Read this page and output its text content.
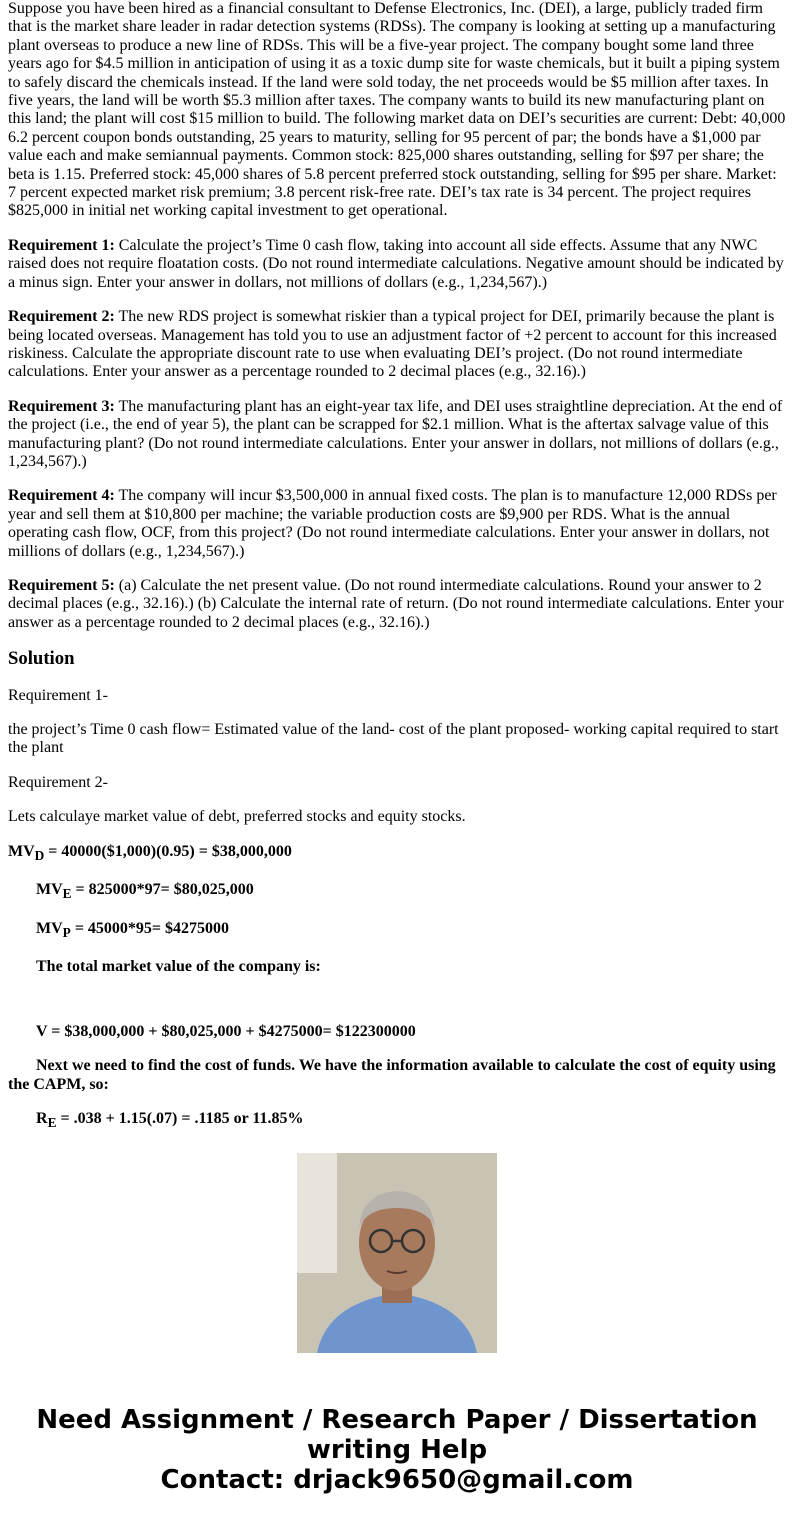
Suppose you have been hired as a financial consultant to Defense Electronics, Inc. (DEI), a large, publicly traded firm that is the market share leader in radar detection systems (RDSs). The company is looking at setting up a manufacturing plant overseas to produce a new line of RDSs. This will be a five-year project. The company bought some land three years ago for $4.5 million in anticipation of using it as a toxic dump site for waste chemicals, but it built a piping system to safely discard the chemicals instead. If the land were sold today, the net proceeds would be $5 million after taxes. In five years, the land will be worth $5.3 million after taxes. The company wants to build its new manufacturing plant on this land; the plant will cost $15 million to build. The following market data on DEI’s securities are current: Debt: 40,000 6.2 percent coupon bonds outstanding, 25 years to maturity, selling for 95 percent of par; the bonds have a $1,000 par value each and make semiannual payments. Common stock: 825,000 shares outstanding, selling for $97 per share; the beta is 1.15. Preferred stock: 45,000 shares of 5.8 percent preferred stock outstanding, selling for $95 per share. Market: 7 percent expected market risk premium; 3.8 percent risk-free rate. DEI’s tax rate is 34 percent. The project requires $825,000 in initial net working capital investment to get operational.

Requirement 1: Calculate the project’s Time 0 cash flow, taking into account all side effects. Assume that any NWC raised does not require floatation costs. (Do not round intermediate calculations. Negative amount should be indicated by a minus sign. Enter your answer in dollars, not millions of dollars (e.g., 1,234,567).)

Requirement 2: The new RDS project is somewhat riskier than a typical project for DEI, primarily because the plant is being located overseas. Management has told you to use an adjustment factor of +2 percent to account for this increased riskiness. Calculate the appropriate discount rate to use when evaluating DEI’s project. (Do not round intermediate calculations. Enter your answer as a percentage rounded to 2 decimal places (e.g., 32.16).)

Requirement 3: The manufacturing plant has an eight-year tax life, and DEI uses straightline depreciation. At the end of the project (i.e., the end of year 5), the plant can be scrapped for $2.1 million. What is the aftertax salvage value of this manufacturing plant? (Do not round intermediate calculations. Enter your answer in dollars, not millions of dollars (e.g., 1,234,567).)

Requirement 4: The company will incur $3,500,000 in annual fixed costs. The plan is to manufacture 12,000 RDSs per year and sell them at $10,800 per machine; the variable production costs are $9,900 per RDS. What is the annual operating cash flow, OCF, from this project? (Do not round intermediate calculations. Enter your answer in dollars, not millions of dollars (e.g., 1,234,567).)

Requirement 5: (a) Calculate the net present value. (Do not round intermediate calculations. Round your answer to 2 decimal places (e.g., 32.16).) (b) Calculate the internal rate of return. (Do not round intermediate calculations. Enter your answer as a percentage rounded to 2 decimal places (e.g., 32.16).)

Solution

Requirement 1-

the project’s Time 0 cash flow= Estimated value of the land- cost of the plant proposed- working capital required to start the plant

Requirement 2-

Lets calculaye market value of debt, preferred stocks and equity stocks.

$MV_D$ = 40000($1,000)(0.95) = $38,000,000

$MV_E = 825000*97=$ $80,025,000

$MV_P = 45000*95=$ $4275000

The total market value of the company is:

V = $38,000,000 + $80,025,000 + $4275000= $122300000

Next we need to find the cost of funds. We have the information available to calculate the cost of equity using the CAPM, so:

$R_E = .038 + 1.15(.07) = .1185$ or 11.85%

Need Assignment / Research Paper / Dissertation writing Help
Contact: drjack9650@gmail.com
